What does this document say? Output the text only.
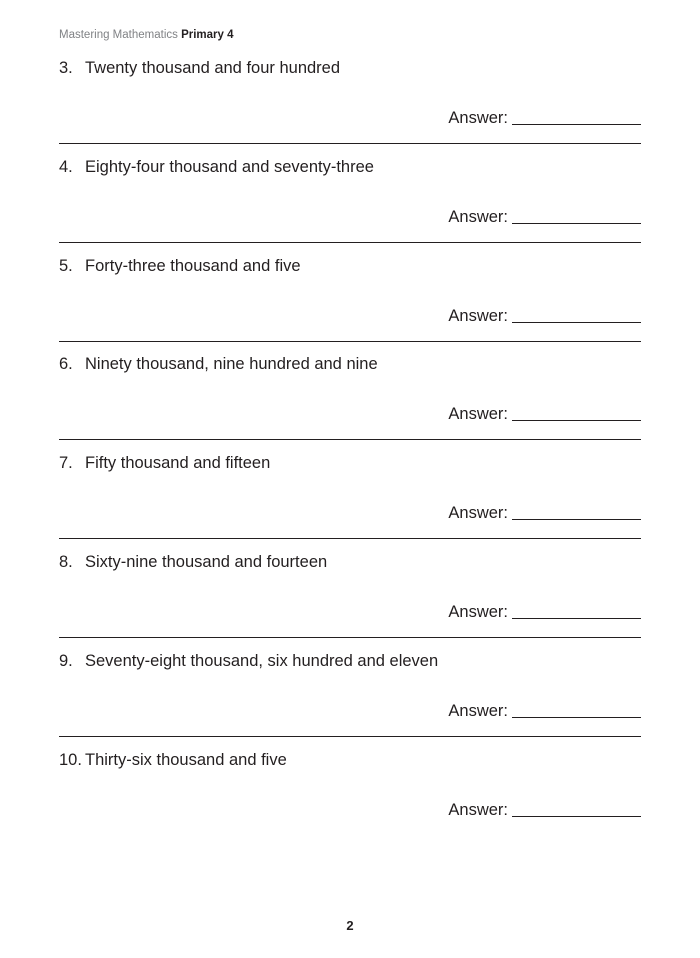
Mastering Mathematics Primary 4
3. Twenty thousand and four hundred
Answer:
4. Eighty-four thousand and seventy-three
Answer:
5. Forty-three thousand and five
Answer:
6. Ninety thousand, nine hundred and nine
Answer:
7. Fifty thousand and fifteen
Answer:
8. Sixty-nine thousand and fourteen
Answer:
9. Seventy-eight thousand, six hundred and eleven
Answer:
10. Thirty-six thousand and five
Answer:
2
